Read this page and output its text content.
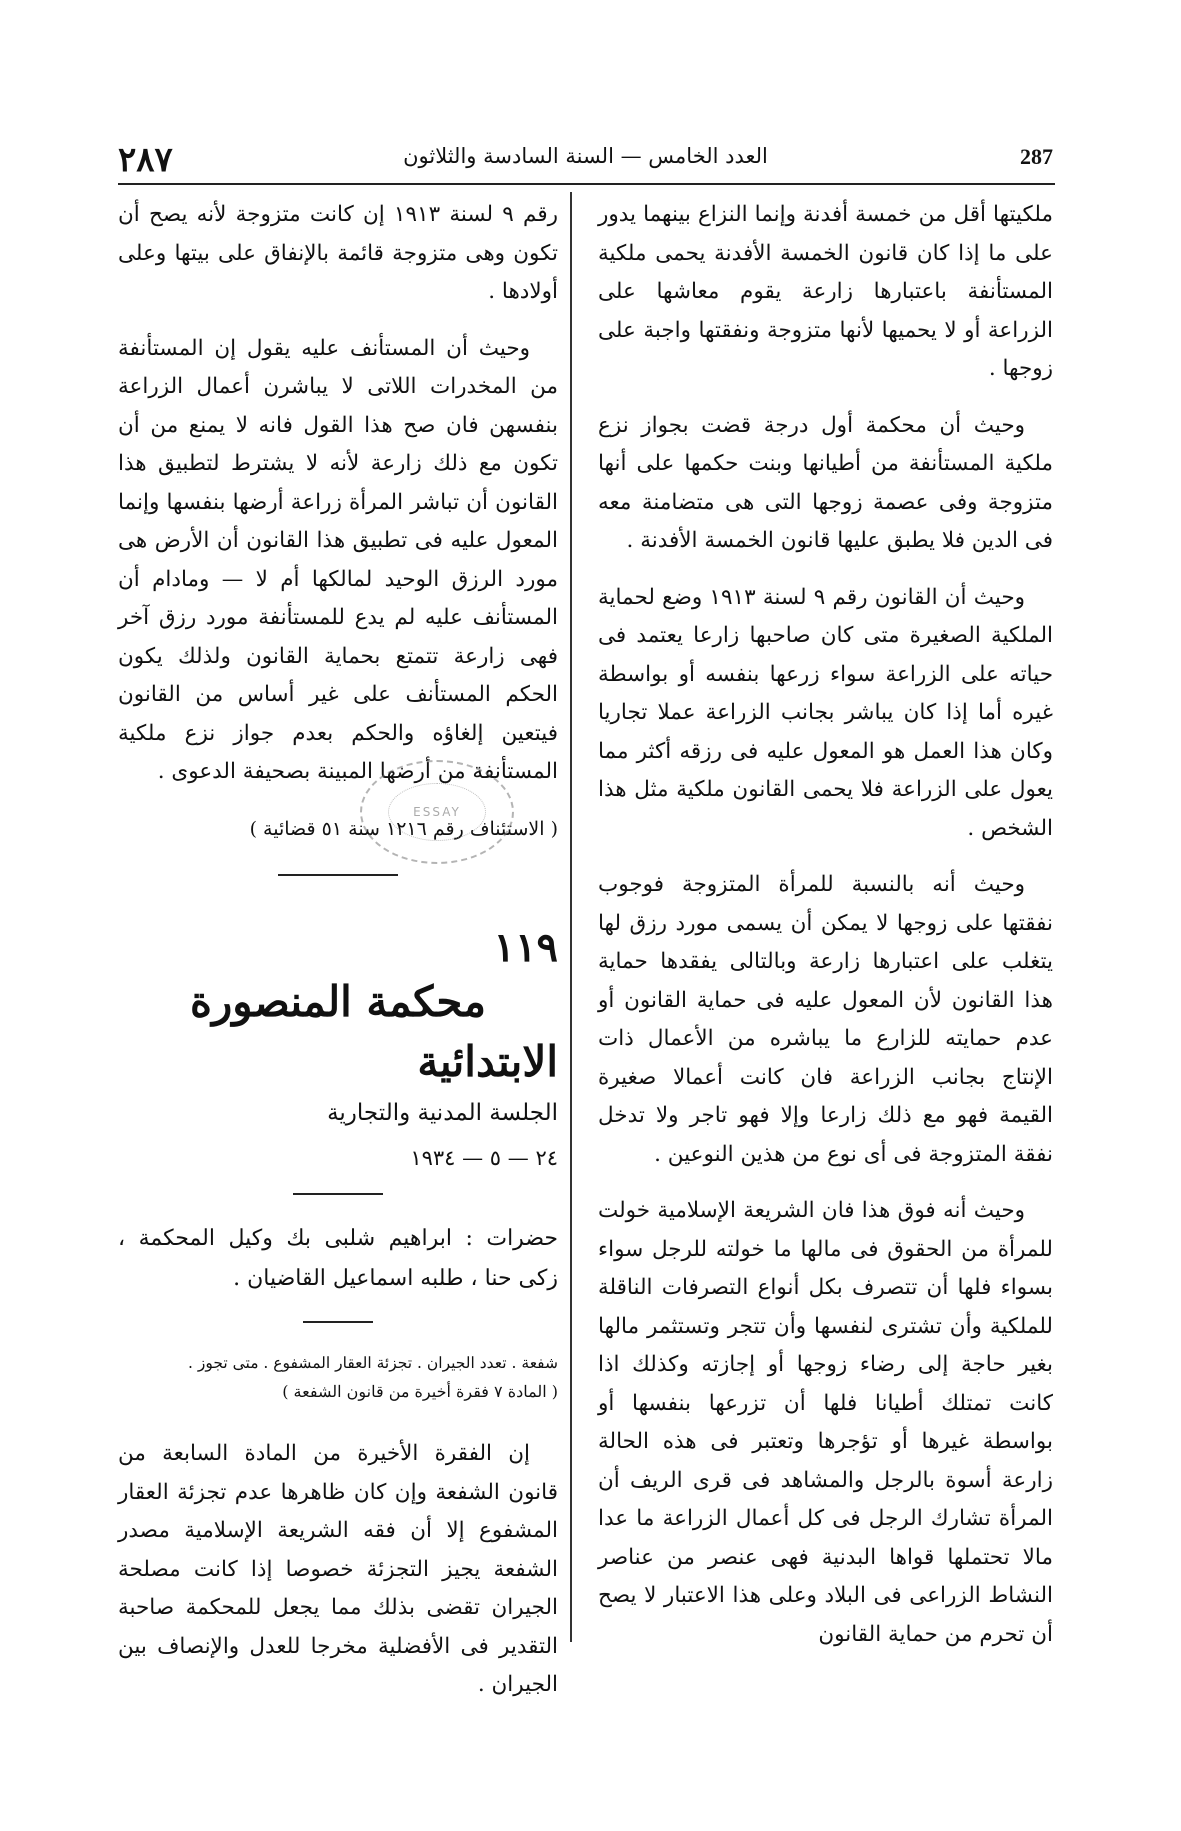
287
العدد الخامس — السنة السادسة والثلاثون
٢٨٧

ملكيتها أقل من خمسة أفدنة وإنما النزاع بينهما يدور على ما إذا كان قانون الخمسة الأفدنة يحمى ملكية المستأنفة باعتبارها زارعة يقوم معاشها على الزراعة أو لا يحميها لأنها متزوجة ونفقتها واجبة على زوجها .

وحيث أن محكمة أول درجة قضت بجواز نزع ملكية المستأنفة من أطيانها وبنت حكمها على أنها متزوجة وفى عصمة زوجها التى هى متضامنة معه فى الدين فلا يطبق عليها قانون الخمسة الأفدنة .

وحيث أن القانون رقم ٩ لسنة ١٩١٣ وضع لحماية الملكية الصغيرة متى كان صاحبها زارعا يعتمد فى حياته على الزراعة سواء زرعها بنفسه أو بواسطة غيره أما إذا كان يباشر بجانب الزراعة عملا تجاريا وكان هذا العمل هو المعول عليه فى رزقه أكثر مما يعول على الزراعة فلا يحمى القانون ملكية مثل هذا الشخص .

وحيث أنه بالنسبة للمرأة المتزوجة فوجوب نفقتها على زوجها لا يمكن أن يسمى مورد رزق لها يتغلب على اعتبارها زارعة وبالتالى يفقدها حماية هذا القانون لأن المعول عليه فى حماية القانون أو عدم حمايته للزارع ما يباشره من الأعمال ذات الإنتاج بجانب الزراعة فان كانت أعمالا صغيرة القيمة فهو مع ذلك زارعا وإلا فهو تاجر ولا تدخل نفقة المتزوجة فى أى نوع من هذين النوعين .

وحيث أنه فوق هذا فان الشريعة الإسلامية خولت للمرأة من الحقوق فى مالها ما خولته للرجل سواء بسواء فلها أن تتصرف بكل أنواع التصرفات الناقلة للملكية وأن تشترى لنفسها وأن تتجر وتستثمر مالها بغير حاجة إلى رضاء زوجها أو إجازته وكذلك اذا كانت تمتلك أطيانا فلها أن تزرعها بنفسها أو بواسطة غيرها أو تؤجرها وتعتبر فى هذه الحالة زارعة أسوة بالرجل والمشاهد فى قرى الريف أن المرأة تشارك الرجل فى كل أعمال الزراعة ما عدا مالا تحتملها قواها البدنية فهى عنصر من عناصر النشاط الزراعى فى البلاد وعلى هذا الاعتبار لا يصح أن تحرم من حماية القانون

رقم ٩ لسنة ١٩١٣ إن كانت متزوجة لأنه يصح أن تكون وهى متزوجة قائمة بالإنفاق على بيتها وعلى أولادها .

وحيث أن المستأنف عليه يقول إن المستأنفة من المخدرات اللاتى لا يباشرن أعمال الزراعة بنفسهن فان صح هذا القول فانه لا يمنع من أن تكون مع ذلك زارعة لأنه لا يشترط لتطبيق هذا القانون أن تباشر المرأة زراعة أرضها بنفسها وإنما المعول عليه فى تطبيق هذا القانون أن الأرض هى مورد الرزق الوحيد لمالكها أم لا — ومادام أن المستأنف عليه لم يدع للمستأنفة مورد رزق آخر فهى زارعة تتمتع بحماية القانون ولذلك يكون الحكم المستأنف على غير أساس من القانون فيتعين إلغاؤه والحكم بعدم جواز نزع ملكية المستأنفة من أرضها المبينة بصحيفة الدعوى .

( الاستئناف رقم ١٢١٦ سنة ٥١ قضائية )
١١٩
محكمة المنصورة الابتدائية
الجلسة المدنية والتجارية
٢٤ — ٥ — ١٩٣٤

حضرات : ابراهيم شلبى بك وكيل المحكمة ، زكى حنا ، طلبه اسماعيل القاضيان .

شفعة . تعدد الجيران . تجزئة العقار المشفوع . متى تجوز .
( المادة ٧ فقرة أخيرة من قانون الشفعة )

إن الفقرة الأخيرة من المادة السابعة من قانون الشفعة وإن كان ظاهرها عدم تجزئة العقار المشفوع إلا أن فقه الشريعة الإسلامية مصدر الشفعة يجيز التجزئة خصوصا إذا كانت مصلحة الجيران تقضى بذلك مما يجعل للمحكمة صاحبة التقدير فى الأفضلية مخرجا للعدل والإنصاف بين الجيران .

ESSAY
